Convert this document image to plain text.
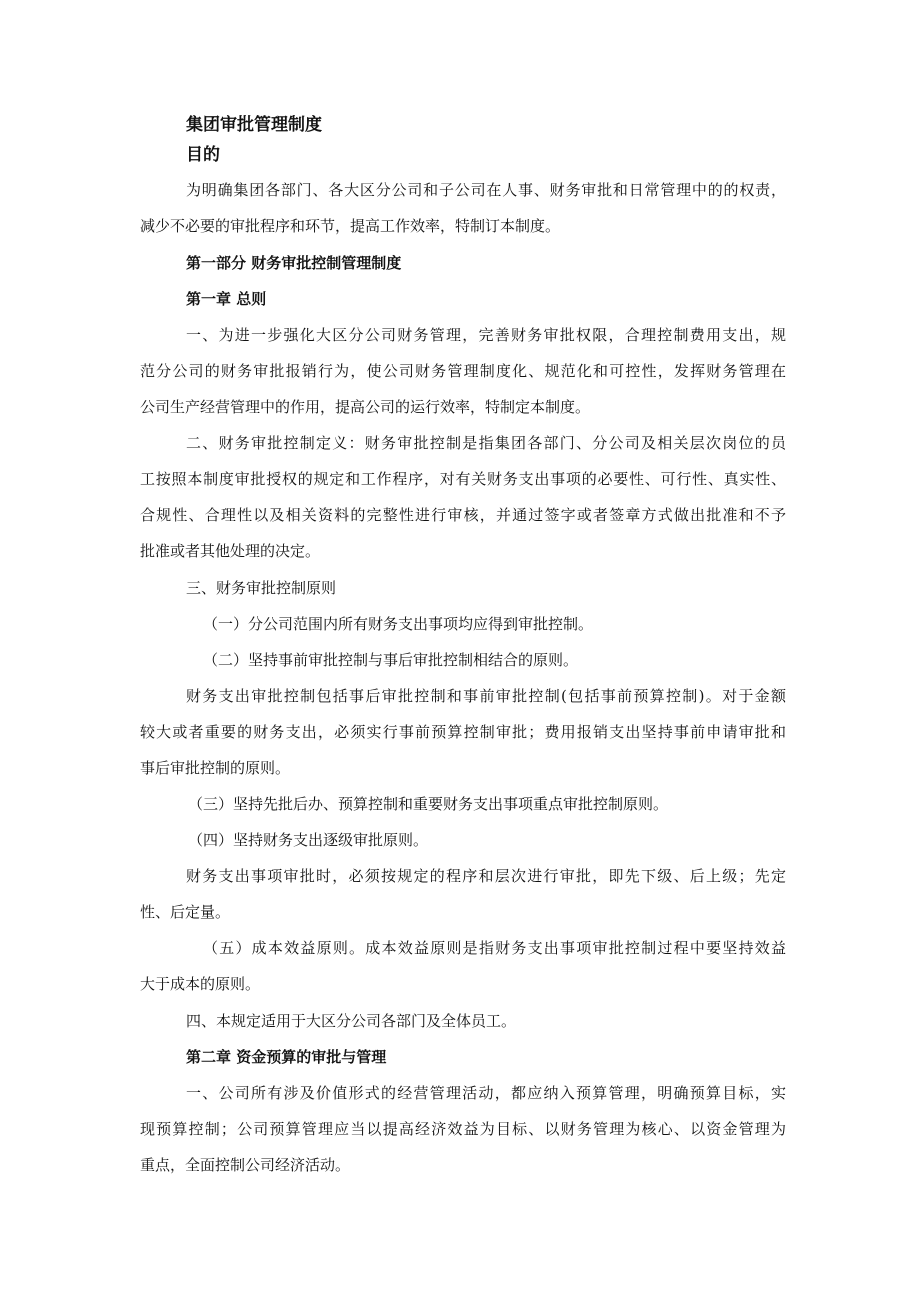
集团审批管理制度
目的
为明确集团各部门、各大区分公司和子公司在人事、财务审批和日常管理中的的权责，
减少不必要的审批程序和环节，提高工作效率，特制订本制度。
第一部分 财务审批控制管理制度
第一章 总则
一、为进一步强化大区分公司财务管理，完善财务审批权限，合理控制费用支出，规
范分公司的财务审批报销行为，使公司财务管理制度化、规范化和可控性，发挥财务管理在
公司生产经营管理中的作用，提高公司的运行效率，特制定本制度。
二、财务审批控制定义：财务审批控制是指集团各部门、分公司及相关层次岗位的员
工按照本制度审批授权的规定和工作程序，对有关财务支出事项的必要性、可行性、真实性、
合规性、合理性以及相关资料的完整性进行审核，并通过签字或者签章方式做出批准和不予
批准或者其他处理的决定。
三、财务审批控制原则
（一）分公司范围内所有财务支出事项均应得到审批控制。
（二）坚持事前审批控制与事后审批控制相结合的原则。
财务支出审批控制包括事后审批控制和事前审批控制(包括事前预算控制)。对于金额
较大或者重要的财务支出，必须实行事前预算控制审批；费用报销支出坚持事前申请审批和
事后审批控制的原则。
（三）坚持先批后办、预算控制和重要财务支出事项重点审批控制原则。
（四）坚持财务支出逐级审批原则。
财务支出事项审批时，必须按规定的程序和层次进行审批，即先下级、后上级；先定
性、后定量。
（五）成本效益原则。成本效益原则是指财务支出事项审批控制过程中要坚持效益
大于成本的原则。
四、本规定适用于大区分公司各部门及全体员工。
第二章 资金预算的审批与管理
一、公司所有涉及价值形式的经营管理活动，都应纳入预算管理，明确预算目标，实
现预算控制；公司预算管理应当以提高经济效益为目标、以财务管理为核心、以资金管理为
重点，全面控制公司经济活动。
